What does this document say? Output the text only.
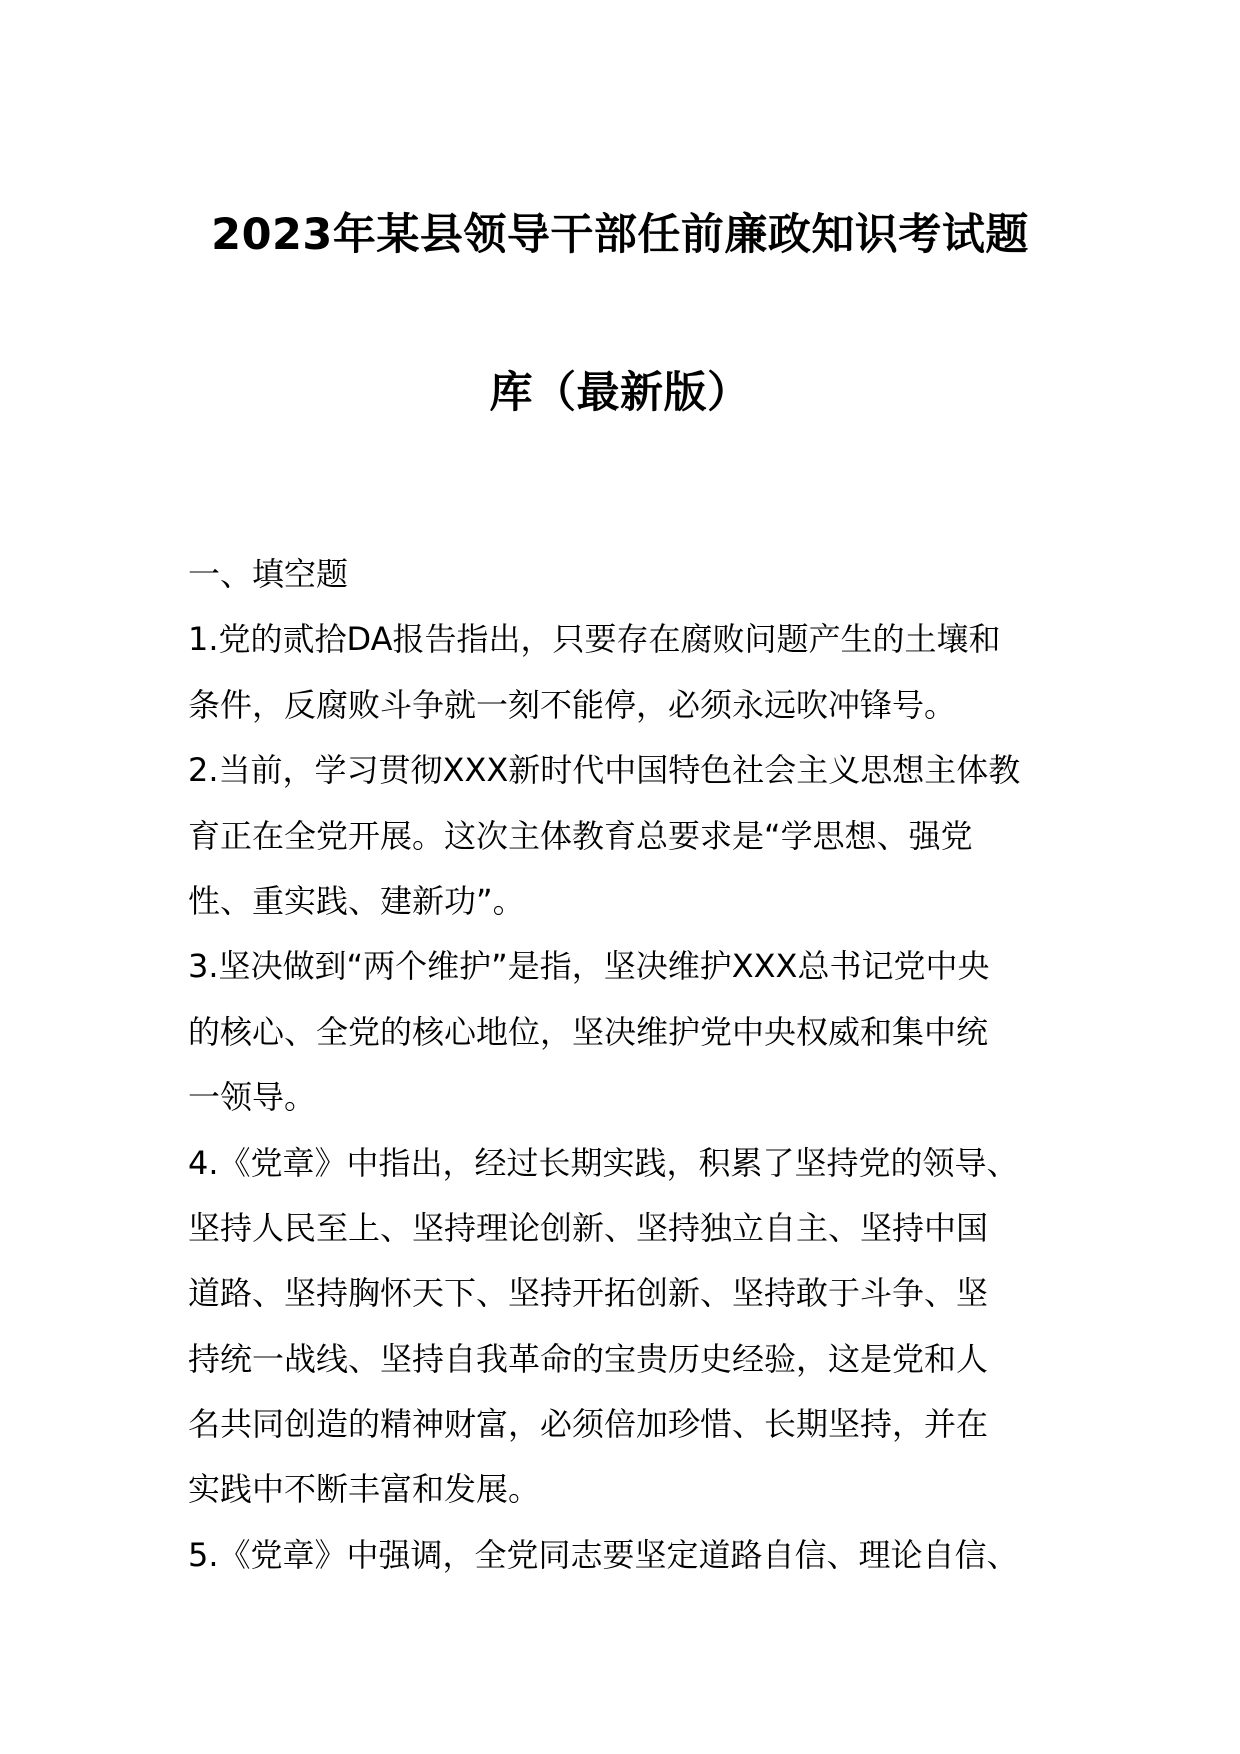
2023年某县领导干部任前廉政知识考试题
库（最新版）
一、填空题
1.党的贰拾DA报告指出，只要存在腐败问题产生的土壤和
条件，反腐败斗争就一刻不能停，必须永远吹冲锋号。
2.当前，学习贯彻XXX新时代中国特色社会主义思想主体教
育正在全党开展。这次主体教育总要求是“学思想、强党
性、重实践、建新功”。
3.坚决做到“两个维护”是指，坚决维护XXX总书记党中央
的核心、全党的核心地位，坚决维护党中央权威和集中统
一领导。
4.《党章》中指出，经过长期实践，积累了坚持党的领导、
坚持人民至上、坚持理论创新、坚持独立自主、坚持中国
道路、坚持胸怀天下、坚持开拓创新、坚持敢于斗争、坚
持统一战线、坚持自我革命的宝贵历史经验，这是党和人
名共同创造的精神财富，必须倍加珍惜、长期坚持，并在
实践中不断丰富和发展。
5.《党章》中强调，全党同志要坚定道路自信、理论自信、
